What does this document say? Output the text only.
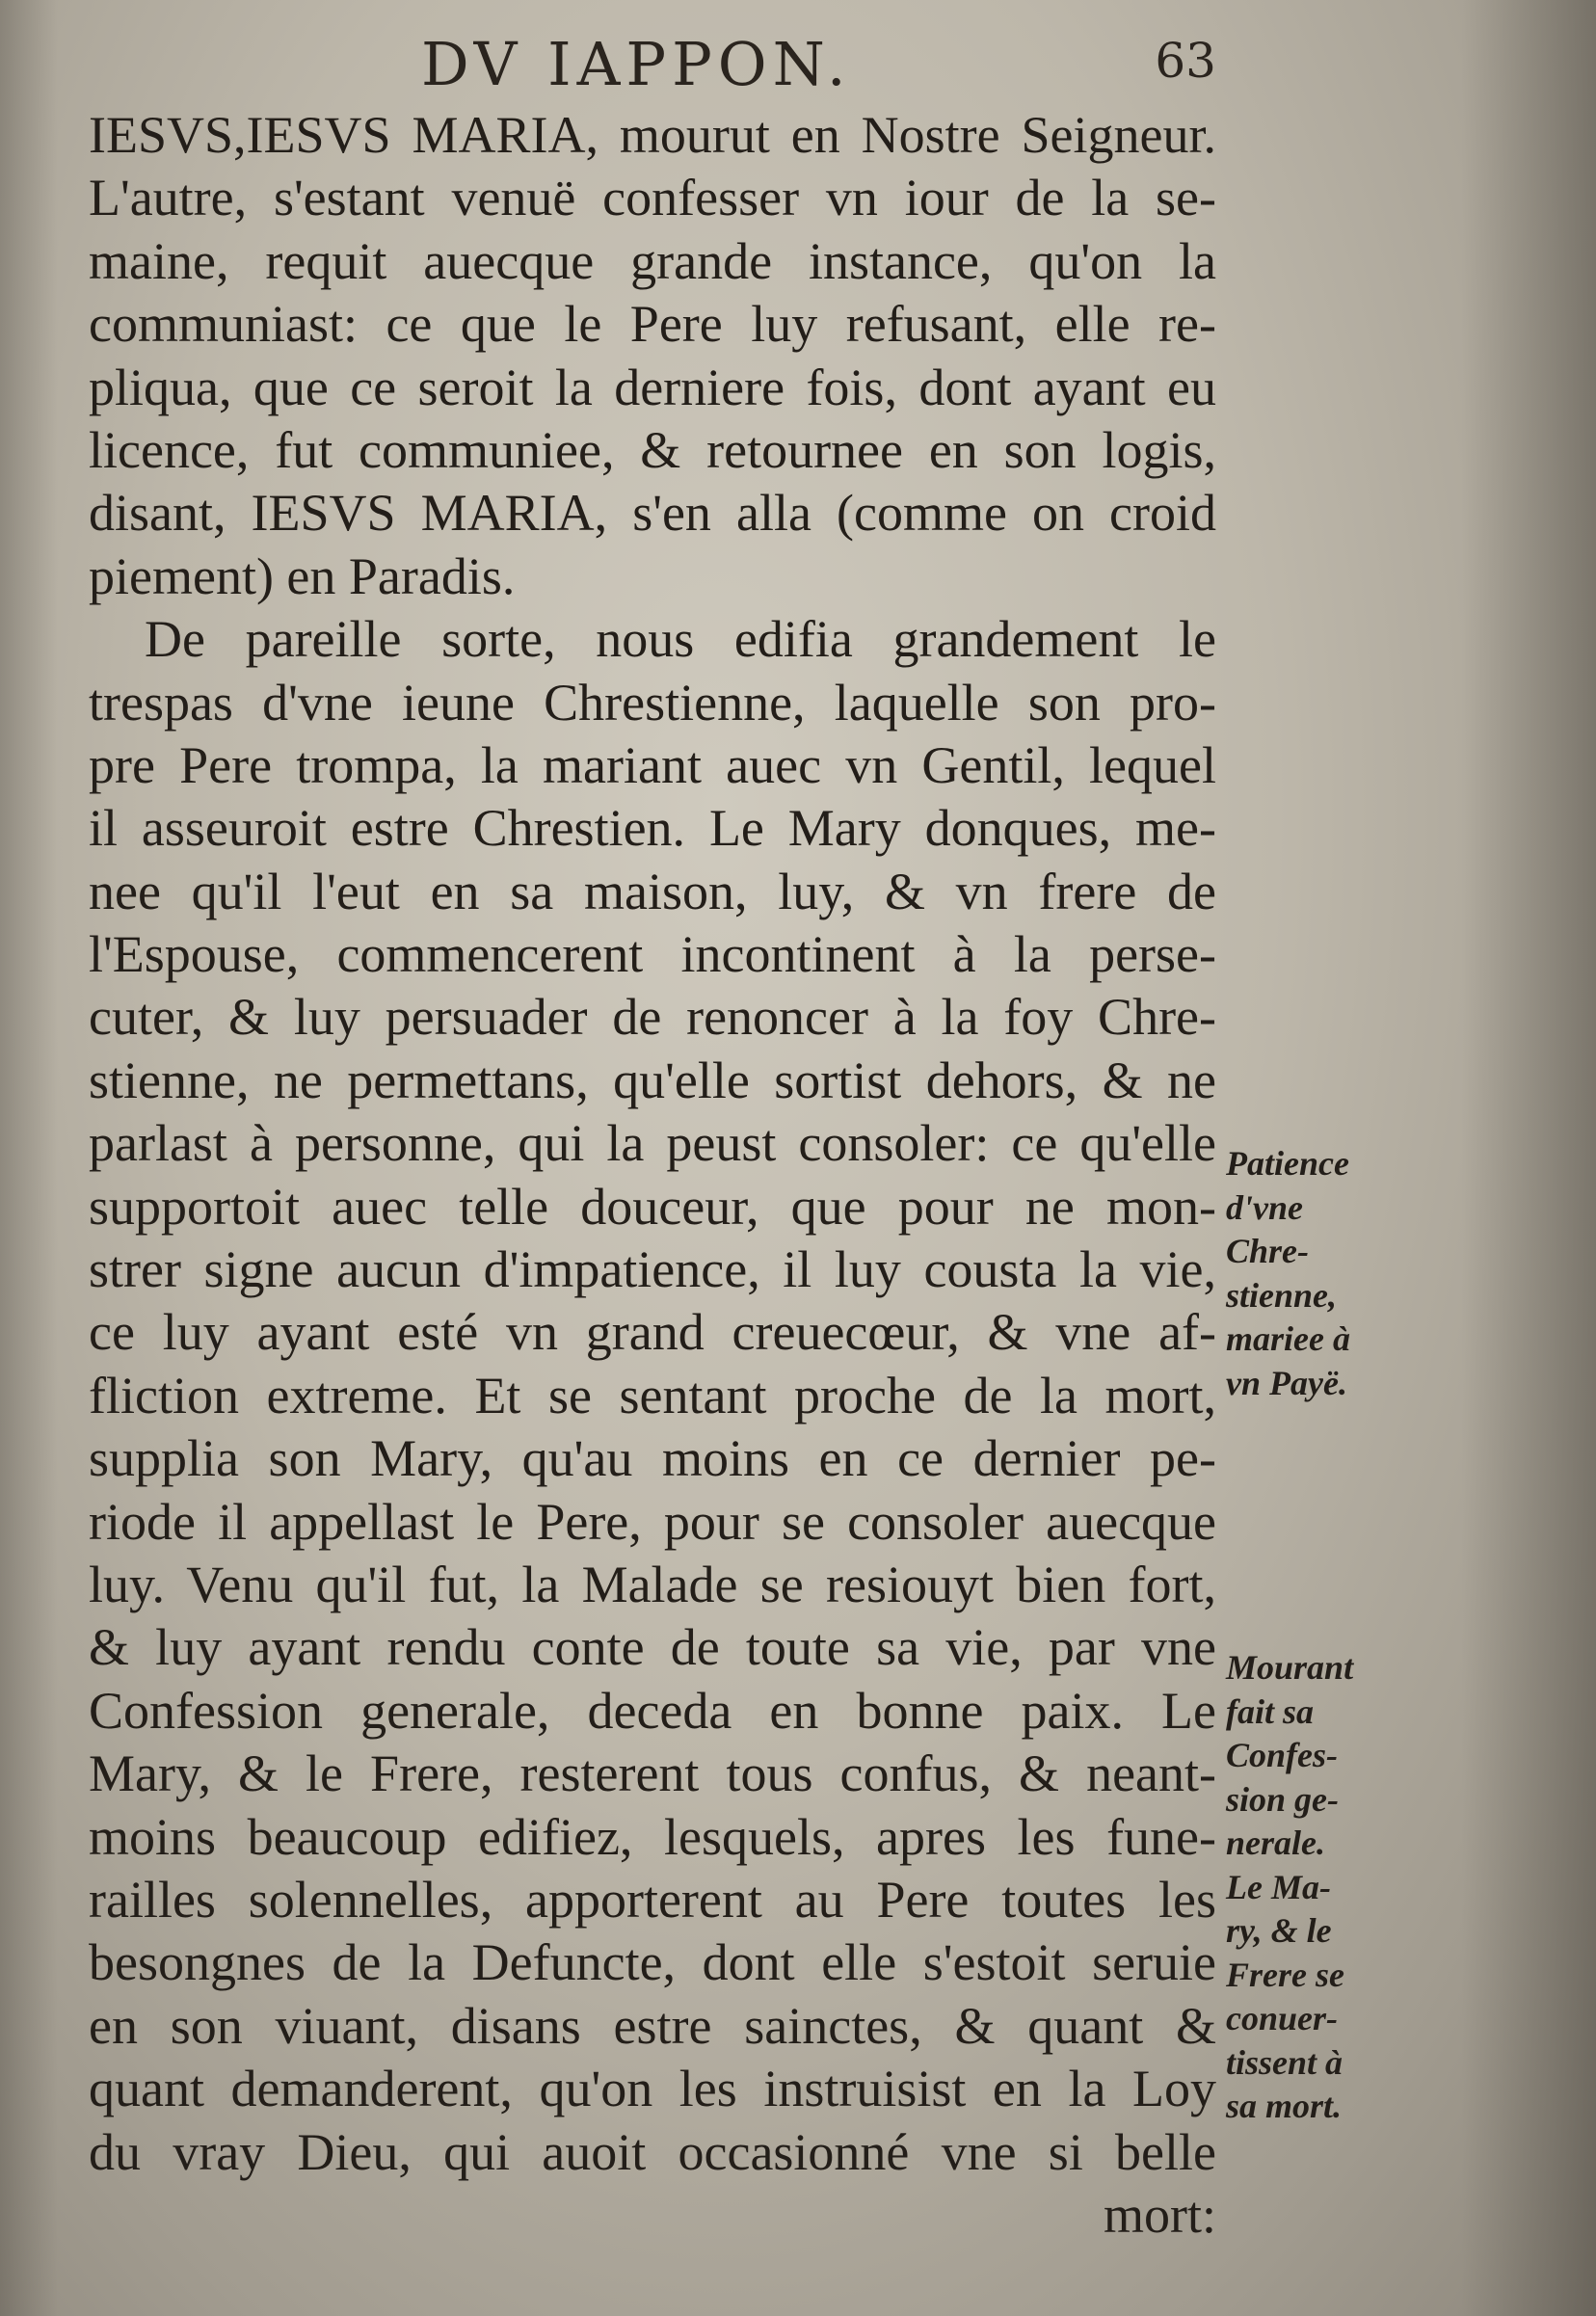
DV IAPPON.	63
IESVS,IESVS MARIA, mourut en Nostre Seigneur.
L'autre, s'estant venuë confesser vn iour de la se-
maine, requit auecque grande instance, qu'on la
communiast: ce que le Pere luy refusant, elle re-
pliqua, que ce seroit la derniere fois, dont ayant eu
licence, fut communiee, & retournee en son logis,
disant, IESVS MARIA, s'en alla (comme on croid
piement) en Paradis.
De pareille sorte, nous edifia grandement le
trespas d'vne ieune Chrestienne, laquelle son pro-
pre Pere trompa, la mariant auec vn Gentil, lequel
il asseuroit estre Chrestien. Le Mary donques, me-
nee qu'il l'eut en sa maison, luy, & vn frere de
l'Espouse, commencerent incontinent à la perse-
cuter, & luy persuader de renoncer à la foy Chre-
stienne, ne permettans, qu'elle sortist dehors, & ne
parlast à personne, qui la peust consoler: ce qu'elle
supportoit auec telle douceur, que pour ne mon-
strer signe aucun d'impatience, il luy cousta la vie,
ce luy ayant esté vn grand creuecœur, & vne af-
fliction extreme. Et se sentant proche de la mort,
supplia son Mary, qu'au moins en ce dernier pe-
riode il appellast le Pere, pour se consoler auecque
luy. Venu qu'il fut, la Malade se resiouyt bien fort,
& luy ayant rendu conte de toute sa vie, par vne
Confession generale, deceda en bonne paix. Le
Mary, & le Frere, resterent tous confus, & neant-
moins beaucoup edifiez, lesquels, apres les fune-
railles solennelles, apporterent au Pere toutes les
besongnes de la Defuncte, dont elle s'estoit seruie
en son viuant, disans estre sainctes, & quant &
quant demanderent, qu'on les instruisist en la Loy
du vray Dieu, qui auoit occasionné vne si belle
mort:
Patience
d'vne
Chre-
stienne,
mariee à
vn Payë.
Mourant
fait sa
Confes-
sion ge-
nerale.
Le Ma-
ry, & le
Frere se
conuer-
tissent à
sa mort.
